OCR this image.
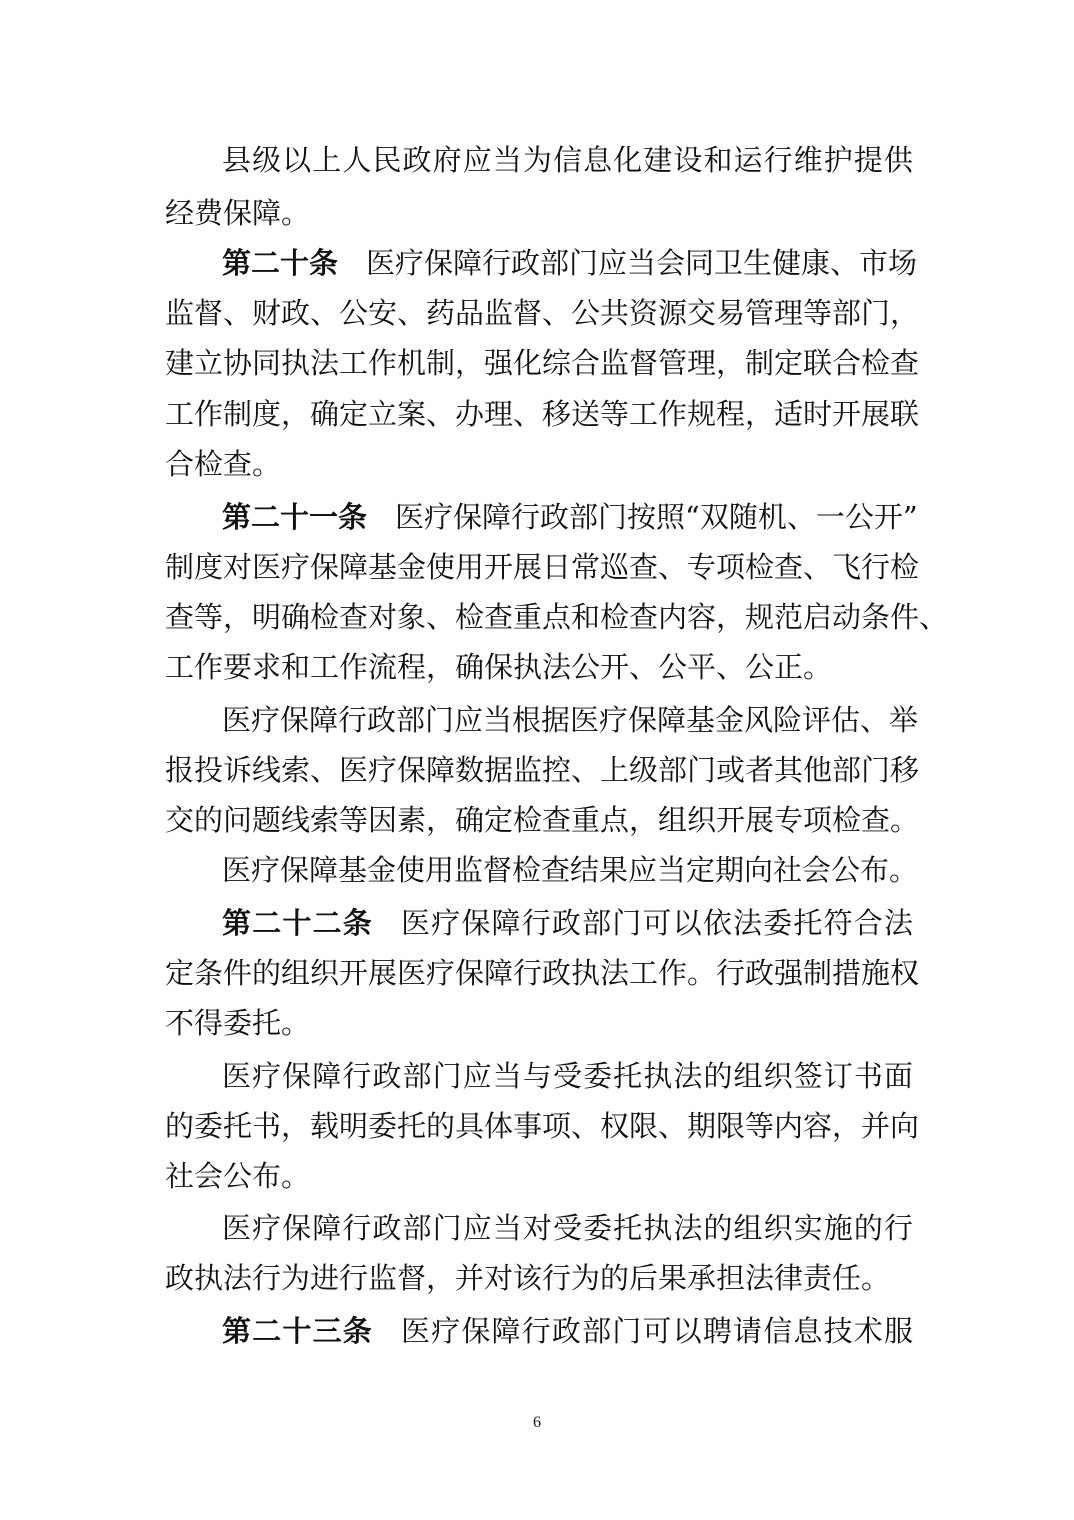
县级以上人民政府应当为信息化建设和运行维护提供
经费保障。
第二十条 医疗保障行政部门应当会同卫生健康、市场
监督、财政、公安、药品监督、公共资源交易管理等部门，
建立协同执法工作机制，强化综合监督管理，制定联合检查
工作制度，确定立案、办理、移送等工作规程，适时开展联
合检查。
第二十一条 医疗保障行政部门按照“双随机、一公开”
制度对医疗保障基金使用开展日常巡查、专项检查、飞行检
查等，明确检查对象、检查重点和检查内容，规范启动条件、
工作要求和工作流程，确保执法公开、公平、公正。
医疗保障行政部门应当根据医疗保障基金风险评估、举
报投诉线索、医疗保障数据监控、上级部门或者其他部门移
交的问题线索等因素，确定检查重点，组织开展专项检查。
医疗保障基金使用监督检查结果应当定期向社会公布。
第二十二条 医疗保障行政部门可以依法委托符合法
定条件的组织开展医疗保障行政执法工作。行政强制措施权
不得委托。
医疗保障行政部门应当与受委托执法的组织签订书面
的委托书，载明委托的具体事项、权限、期限等内容，并向
社会公布。
医疗保障行政部门应当对受委托执法的组织实施的行
政执法行为进行监督，并对该行为的后果承担法律责任。
第二十三条 医疗保障行政部门可以聘请信息技术服
6
